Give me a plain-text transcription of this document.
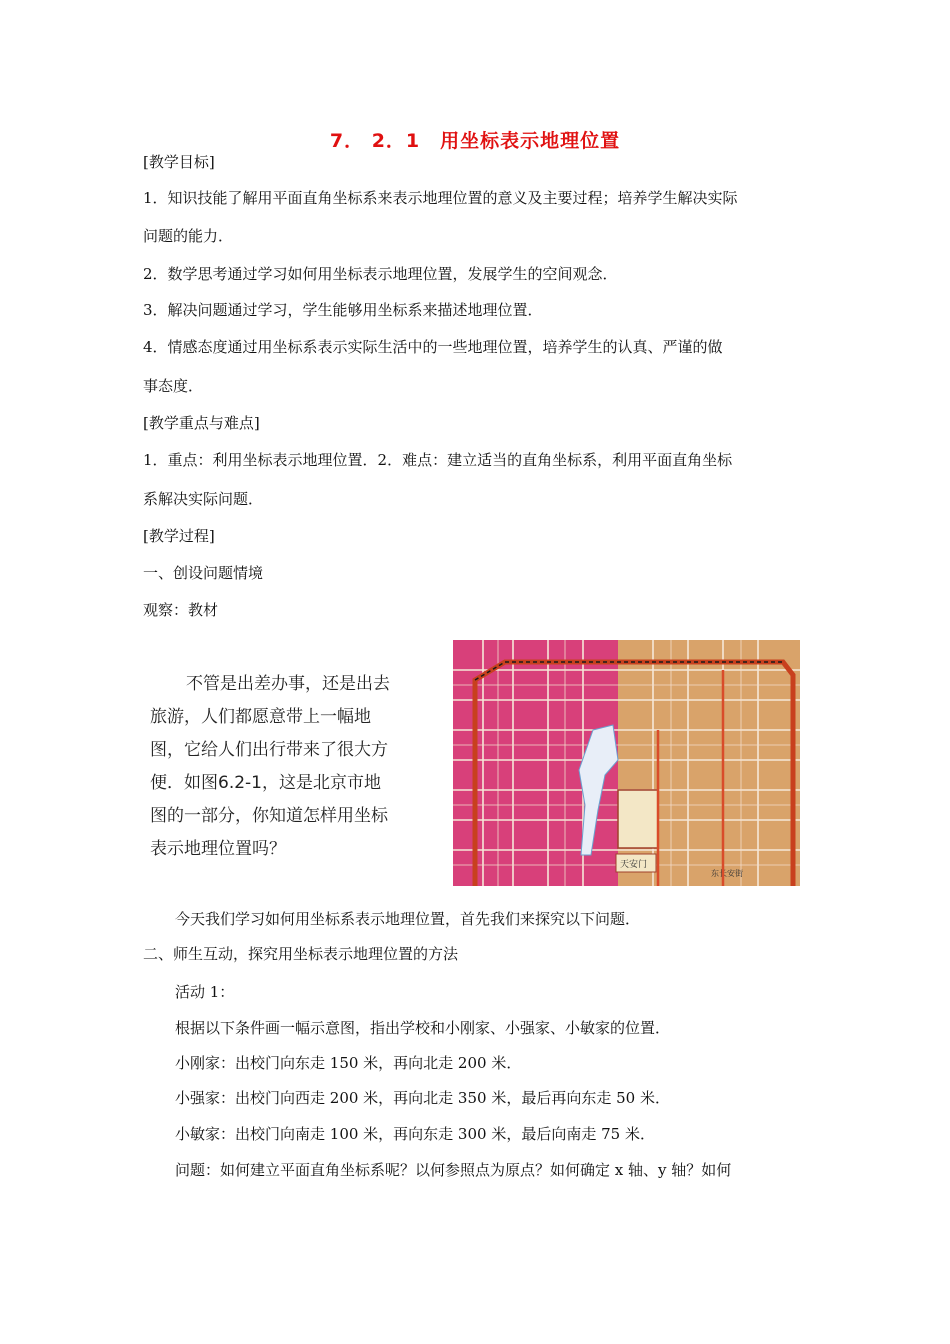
7． 2．1　用坐标表示地理位置
[教学目标]
1．知识技能了解用平面直角坐标系来表示地理位置的意义及主要过程；培养学生解决实际
问题的能力．
2．数学思考通过学习如何用坐标表示地理位置，发展学生的空间观念．
3．解决问题通过学习，学生能够用坐标系来描述地理位置．
4．情感态度通过用坐标系表示实际生活中的一些地理位置，培养学生的认真、严谨的做
事态度．
[教学重点与难点]
1．重点：利用坐标表示地理位置．2．难点：建立适当的直角坐标系，利用平面直角坐标
系解决实际问题．
[教学过程]
一、创设问题情境
观察：教材
不管是出差办事，还是出去
旅游，人们都愿意带上一幅地
图，它给人们出行带来了很大方
便．如图6.2-1，这是北京市地
图的一部分，你知道怎样用坐标
表示地理位置吗？
天安门
东长安街
今天我们学习如何用坐标系表示地理位置，首先我们来探究以下问题．
二、师生互动，探究用坐标表示地理位置的方法
活动 1：
根据以下条件画一幅示意图，指出学校和小刚家、小强家、小敏家的位置．
小刚家：出校门向东走 150 米，再向北走 200 米．
小强家：出校门向西走 200 米，再向北走 350 米，最后再向东走 50 米．
小敏家：出校门向南走 100 米，再向东走 300 米，最后向南走 75 米．
问题：如何建立平面直角坐标系呢？以何参照点为原点？如何确定 x 轴、y 轴？如何
